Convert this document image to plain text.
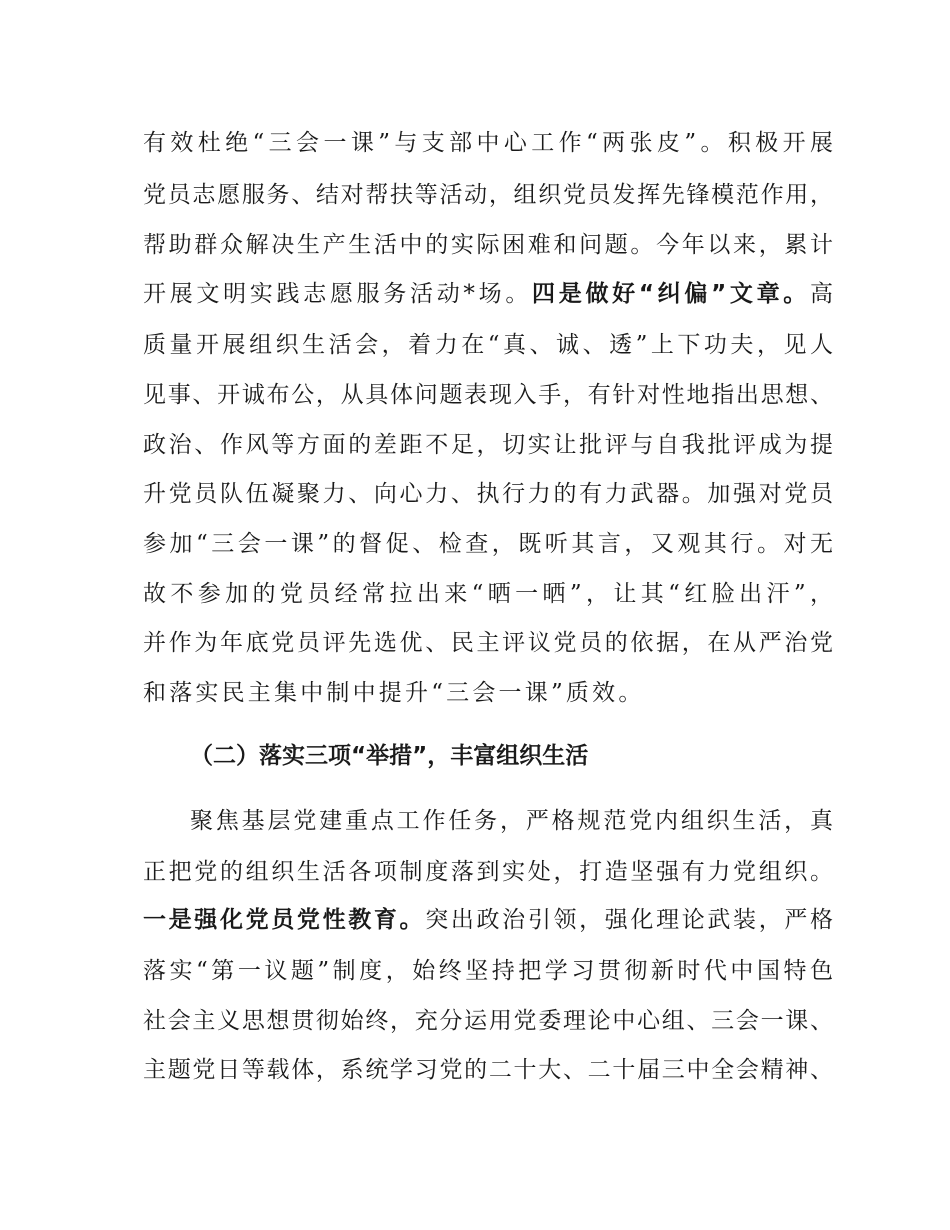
有效杜绝“三会一课”与支部中心工作“两张皮”。积极开展
党员志愿服务、结对帮扶等活动，组织党员发挥先锋模范作用，
帮助群众解决生产生活中的实际困难和问题。今年以来，累计
开展文明实践志愿服务活动*场。四是做好“纠偏”文章。高
质量开展组织生活会，着力在“真、诚、透”上下功夫，见人
见事、开诚布公，从具体问题表现入手，有针对性地指出思想、
政治、作风等方面的差距不足，切实让批评与自我批评成为提
升党员队伍凝聚力、向心力、执行力的有力武器。加强对党员
参加“三会一课”的督促、检查，既听其言，又观其行。对无
故不参加的党员经常拉出来“晒一晒”，让其“红脸出汗”，
并作为年底党员评先选优、民主评议党员的依据，在从严治党
和落实民主集中制中提升“三会一课”质效。
（二）落实三项“举措”，丰富组织生活
聚焦基层党建重点工作任务，严格规范党内组织生活，真
正把党的组织生活各项制度落到实处，打造坚强有力党组织。
一是强化党员党性教育。突出政治引领，强化理论武装，严格
落实“第一议题”制度，始终坚持把学习贯彻新时代中国特色
社会主义思想贯彻始终，充分运用党委理论中心组、三会一课、
主题党日等载体，系统学习党的二十大、二十届三中全会精神、
